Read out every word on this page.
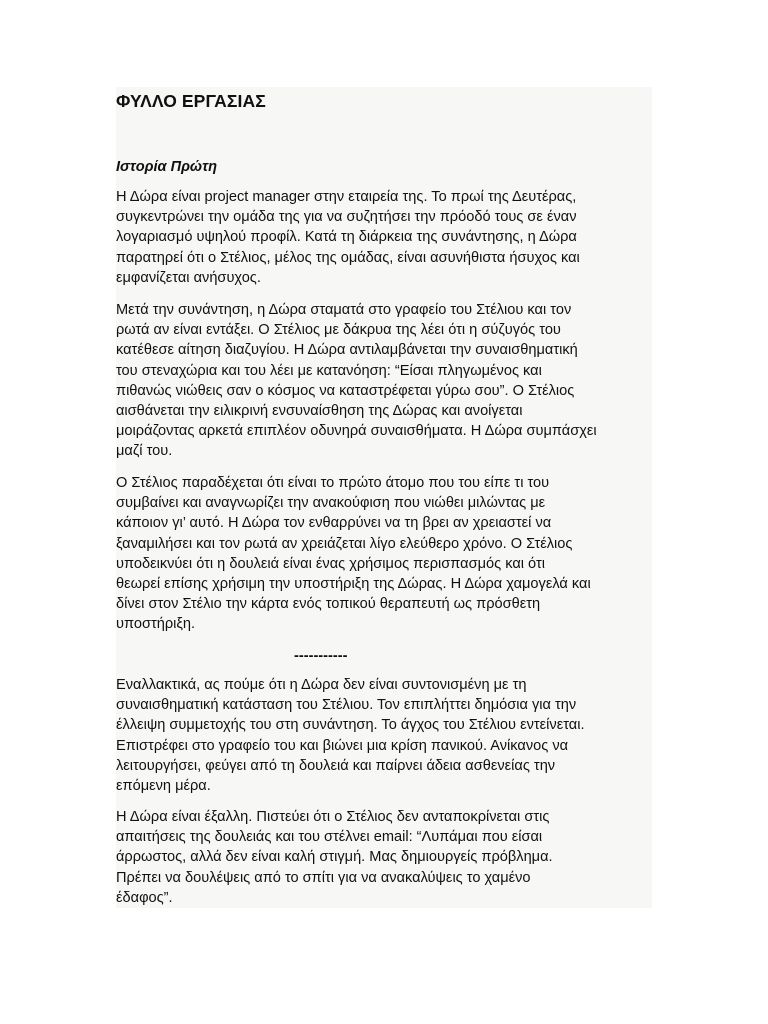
ΦΥΛΛΟ ΕΡΓΑΣΙΑΣ
Ιστορία Πρώτη

Η Δώρα είναι project manager στην εταιρεία της. Το πρωί της Δευτέρας,
συγκεντρώνει την ομάδα της για να συζητήσει την πρόοδό τους σε έναν
λογαριασμό υψηλού προφίλ. Κατά τη διάρκεια της συνάντησης, η Δώρα
παρατηρεί ότι ο Στέλιος, μέλος της ομάδας, είναι ασυνήθιστα ήσυχος και
εμφανίζεται ανήσυχος.

Μετά την συνάντηση, η Δώρα σταματά στο γραφείο του Στέλιου και τον
ρωτά αν είναι εντάξει. Ο Στέλιος με δάκρυα της λέει ότι η σύζυγός του
κατέθεσε αίτηση διαζυγίου. Η Δώρα αντιλαμβάνεται την συναισθηματική
του στεναχώρια και του λέει με κατανόηση: “Είσαι πληγωμένος και
πιθανώς νιώθεις σαν ο κόσμος να καταστρέφεται γύρω σου”. Ο Στέλιος
αισθάνεται την ειλικρινή ενσυναίσθηση της Δώρας και ανοίγεται
μοιράζοντας αρκετά επιπλέον οδυνηρά συναισθήματα. Η Δώρα συμπάσχει
μαζί του.

Ο Στέλιος παραδέχεται ότι είναι το πρώτο άτομο που του είπε τι του
συμβαίνει και αναγνωρίζει την ανακούφιση που νιώθει μιλώντας με
κάποιον γι’ αυτό. Η Δώρα τον ενθαρρύνει να τη βρει αν χρειαστεί να
ξαναμιλήσει και τον ρωτά αν χρειάζεται λίγο ελεύθερο χρόνο. Ο Στέλιος
υποδεικνύει ότι η δουλειά είναι ένας χρήσιμος περισπασμός και ότι
θεωρεί επίσης χρήσιμη την υποστήριξη της Δώρας. Η Δώρα χαμογελά και
δίνει στον Στέλιο την κάρτα ενός τοπικού θεραπευτή ως πρόσθετη
υποστήριξη.

-----------

Εναλλακτικά, ας πούμε ότι η Δώρα δεν είναι συντονισμένη με τη
συναισθηματική κατάσταση του Στέλιου. Τον επιπλήττει δημόσια για την
έλλειψη συμμετοχής του στη συνάντηση. Το άγχος του Στέλιου εντείνεται.
Επιστρέφει στο γραφείο του και βιώνει μια κρίση πανικού. Ανίκανος να
λειτουργήσει, φεύγει από τη δουλειά και παίρνει άδεια ασθενείας την
επόμενη μέρα.

Η Δώρα είναι έξαλλη. Πιστεύει ότι ο Στέλιος δεν ανταποκρίνεται στις
απαιτήσεις της δουλειάς και του στέλνει email: “Λυπάμαι που είσαι
άρρωστος, αλλά δεν είναι καλή στιγμή. Μας δημιουργείς πρόβλημα.
Πρέπει να δουλέψεις από το σπίτι για να ανακαλύψεις το χαμένο
έδαφος”.
